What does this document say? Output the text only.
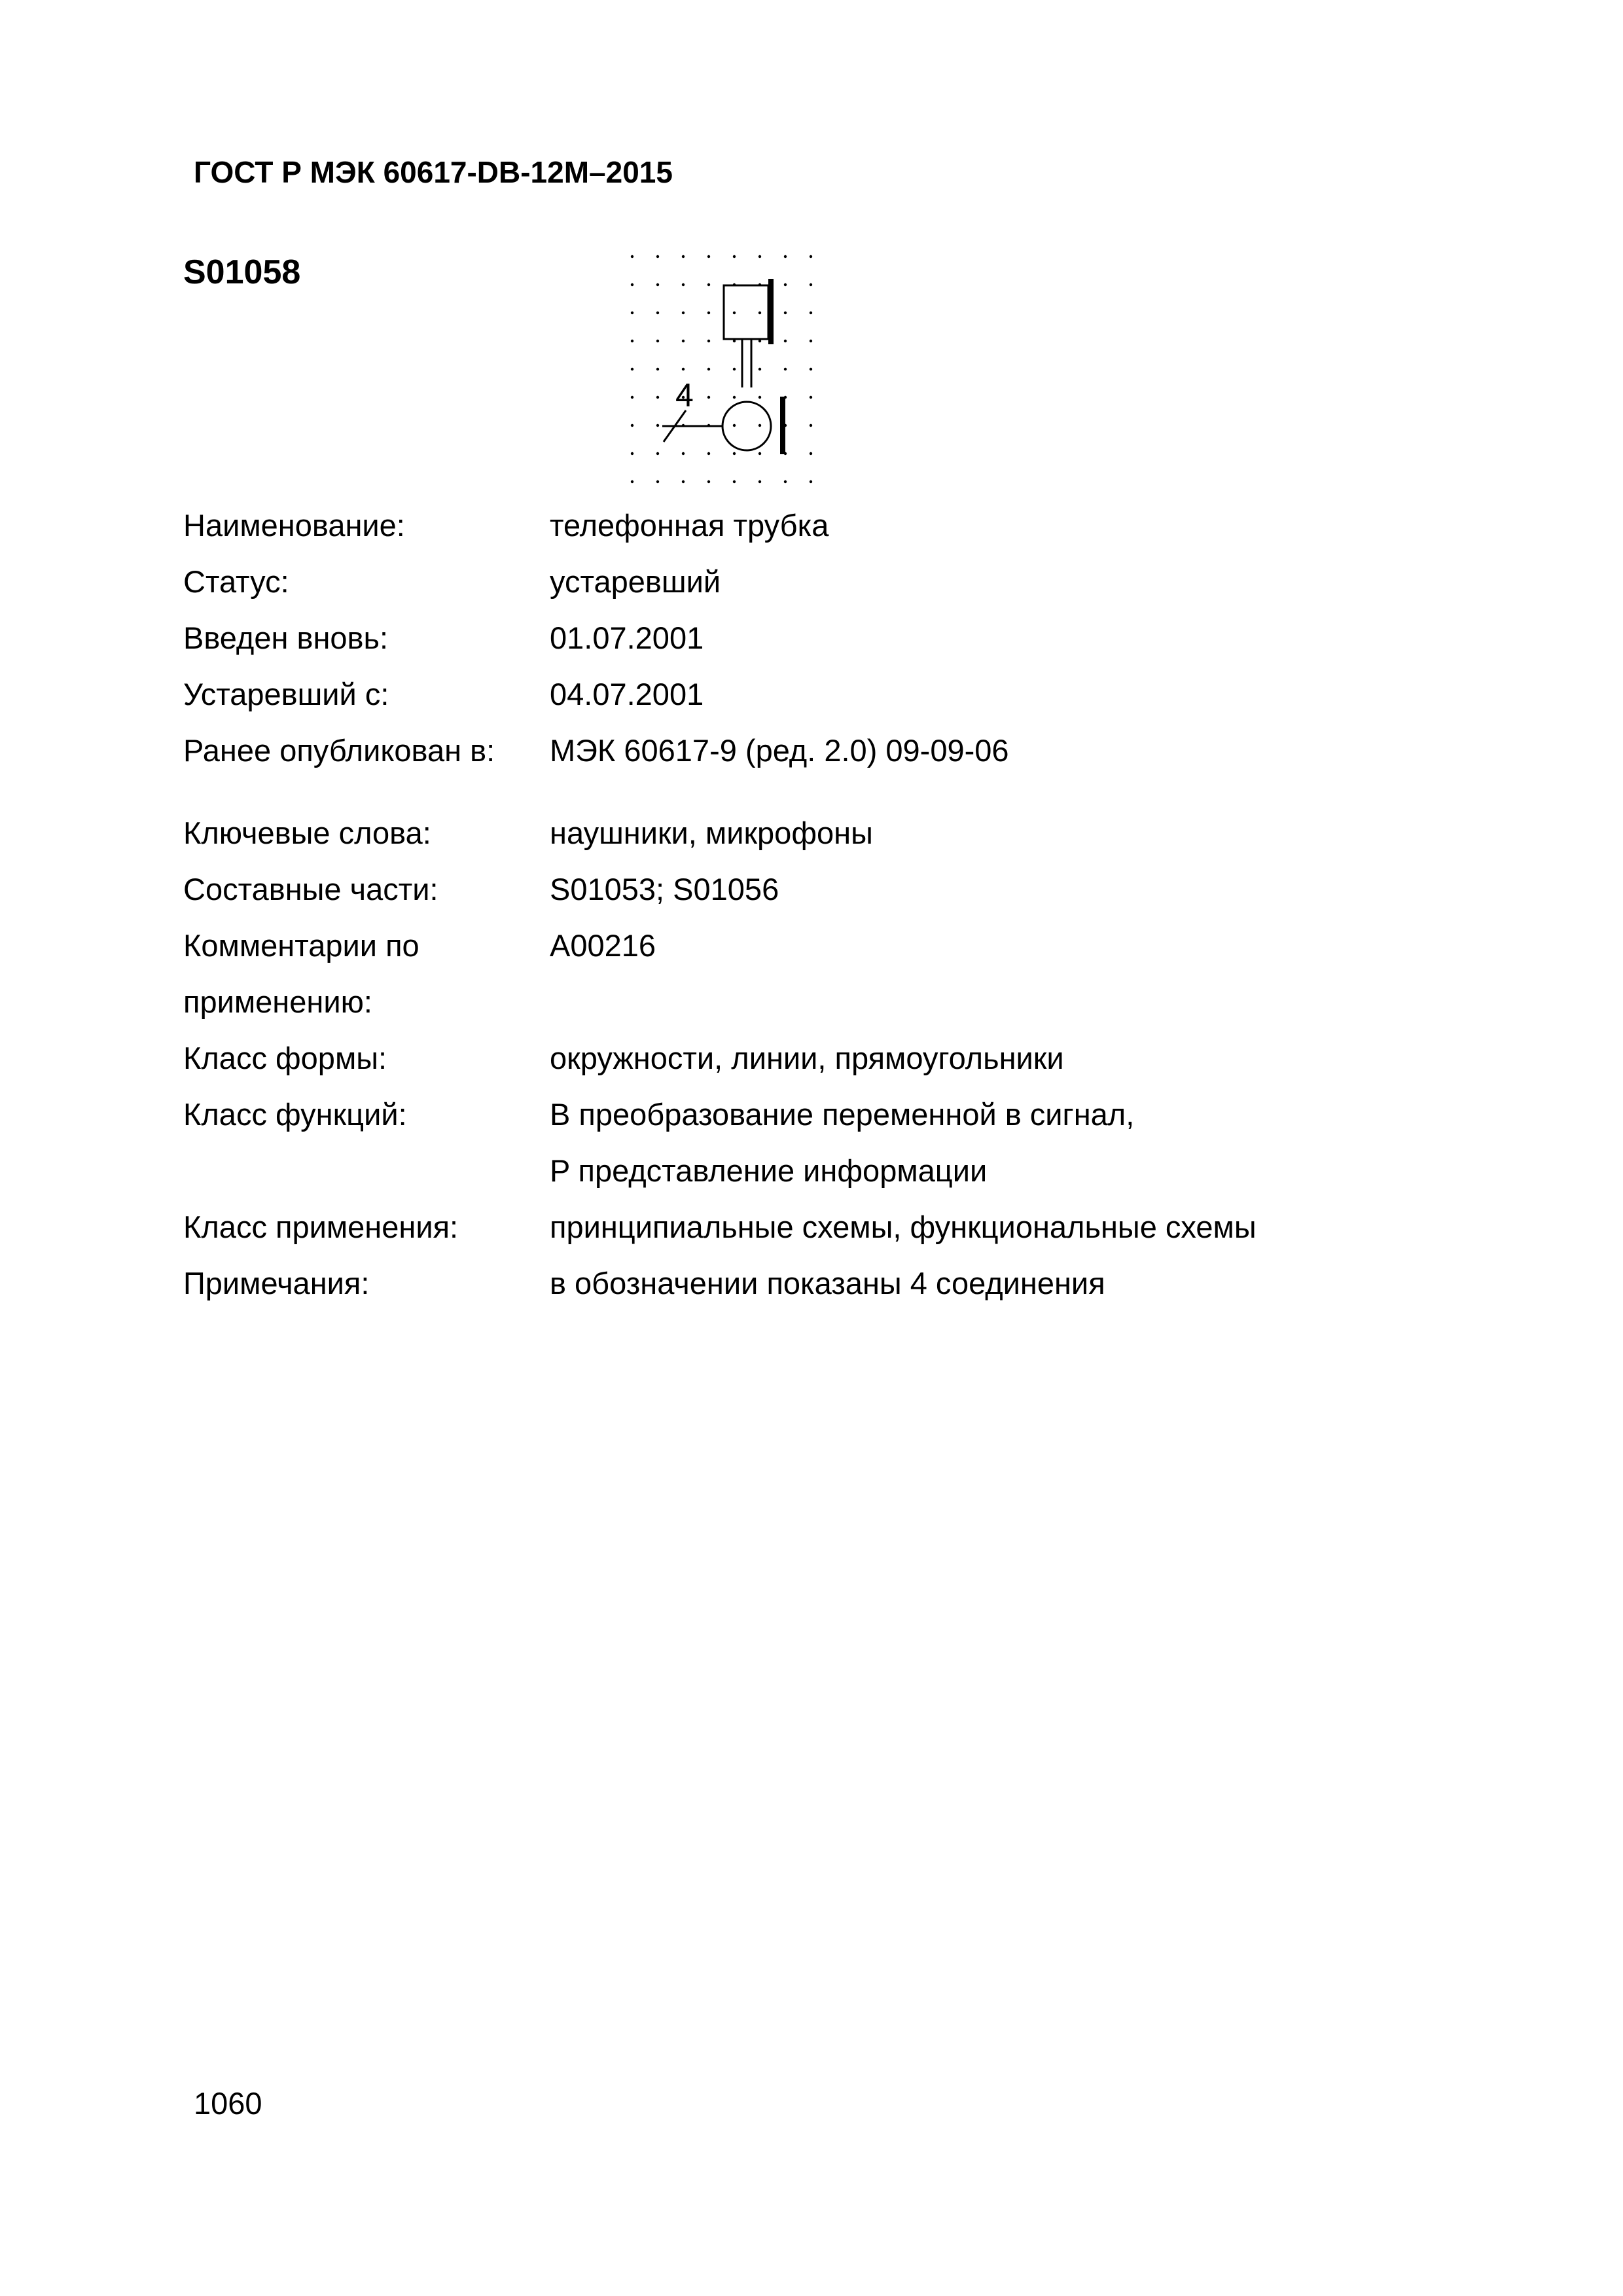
ГОСТ Р МЭК 60617-DB-12M–2015
S01058
4
Наименование:	телефонная трубка
Статус:	устаревший
Введен вновь:	01.07.2001
Устаревший с:	04.07.2001
Ранее опубликован в:	МЭК 60617-9 (ред. 2.0) 09-09-06
Ключевые слова:	наушники, микрофоны
Составные части:	S01053; S01056
Комментарии по	A00216
применению:
Класс формы:	окружности, линии, прямоугольники
Класс функций:	B преобразование переменной в сигнал,
P представление информации
Класс применения:	принципиальные схемы, функциональные схемы
Примечания:	в обозначении показаны 4 соединения
1060
